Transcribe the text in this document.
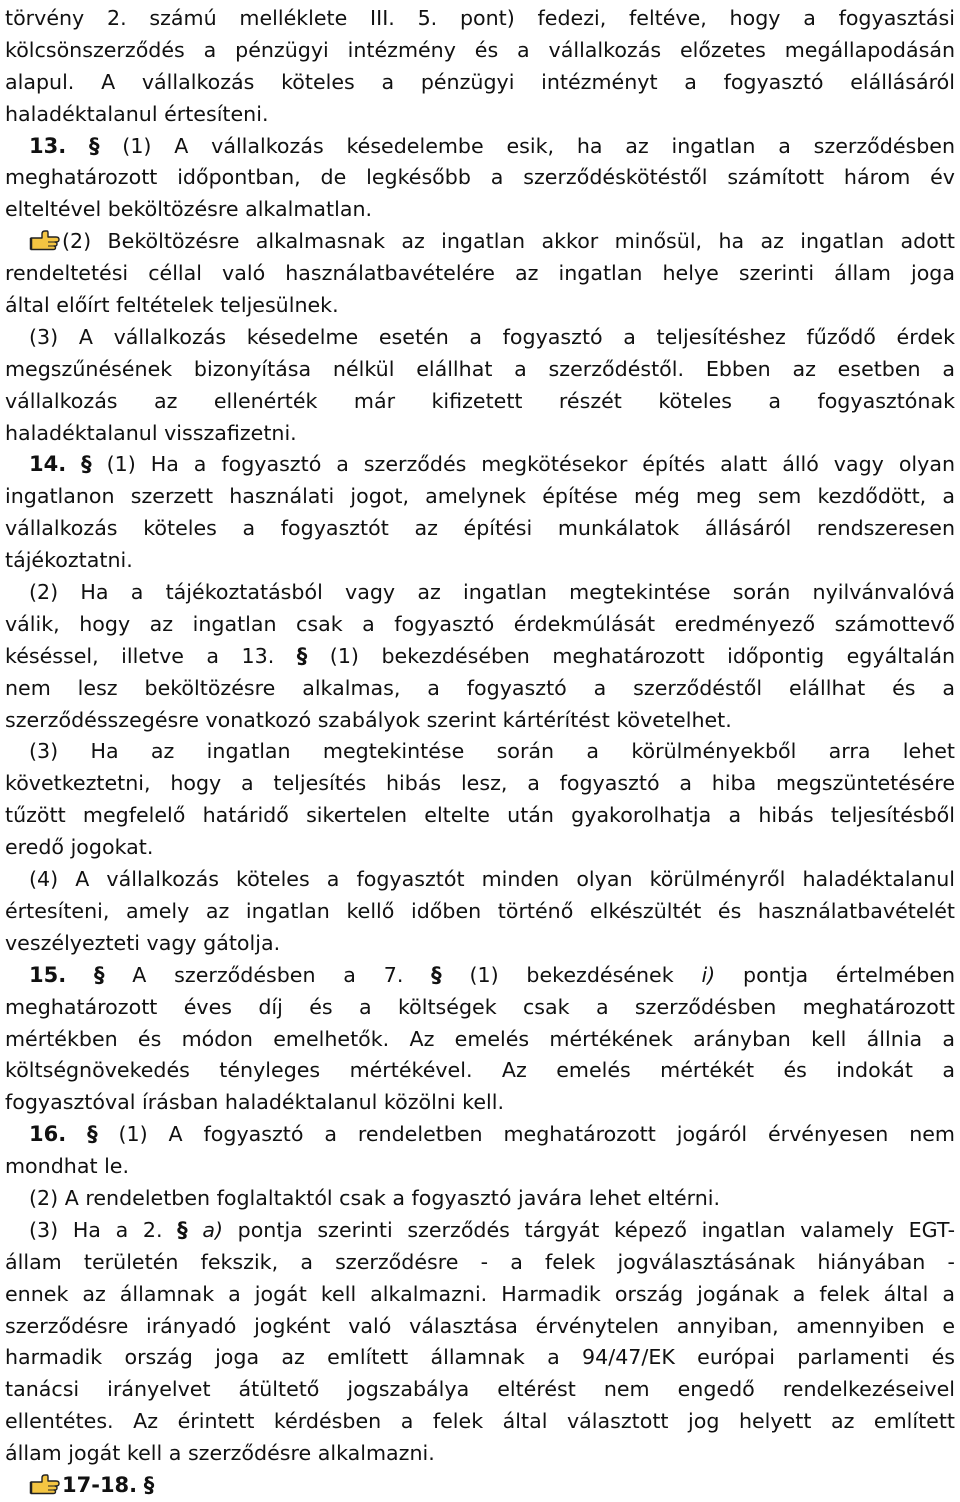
törvény 2. számú melléklete III. 5. pont) fedezi, feltéve, hogy a fogyasztási
kölcsönszerződés a pénzügyi intézmény és a vállalkozás előzetes megállapodásán
alapul. A vállalkozás köteles a pénzügyi intézményt a fogyasztó elállásáról
haladéktalanul értesíteni.
13. § (1) A vállalkozás késedelembe esik, ha az ingatlan a szerződésben
meghatározott időpontban, de legkésőbb a szerződéskötéstől számított három év
elteltével beköltözésre alkalmatlan.
(2) Beköltözésre alkalmasnak az ingatlan akkor minősül, ha az ingatlan adott
rendeltetési céllal való használatbavételére az ingatlan helye szerinti állam joga
által előírt feltételek teljesülnek.
(3) A vállalkozás késedelme esetén a fogyasztó a teljesítéshez fűződő érdek
megszűnésének bizonyítása nélkül elállhat a szerződéstől. Ebben az esetben a
vállalkozás az ellenérték már kifizetett részét köteles a fogyasztónak
haladéktalanul visszafizetni.
14. § (1) Ha a fogyasztó a szerződés megkötésekor építés alatt álló vagy olyan
ingatlanon szerzett használati jogot, amelynek építése még meg sem kezdődött, a
vállalkozás köteles a fogyasztót az építési munkálatok állásáról rendszeresen
tájékoztatni.
(2) Ha a tájékoztatásból vagy az ingatlan megtekintése során nyilvánvalóvá
válik, hogy az ingatlan csak a fogyasztó érdekmúlását eredményező számottevő
késéssel, illetve a 13. § (1) bekezdésében meghatározott időpontig egyáltalán
nem lesz beköltözésre alkalmas, a fogyasztó a szerződéstől elállhat és a
szerződésszegésre vonatkozó szabályok szerint kártérítést követelhet.
(3) Ha az ingatlan megtekintése során a körülményekből arra lehet
következtetni, hogy a teljesítés hibás lesz, a fogyasztó a hiba megszüntetésére
tűzött megfelelő határidő sikertelen eltelte után gyakorolhatja a hibás teljesítésből
eredő jogokat.
(4) A vállalkozás köteles a fogyasztót minden olyan körülményről haladéktalanul
értesíteni, amely az ingatlan kellő időben történő elkészültét és használatbavételét
veszélyezteti vagy gátolja.
15. § A szerződésben a 7. § (1) bekezdésének i) pontja értelmében
meghatározott éves díj és a költségek csak a szerződésben meghatározott
mértékben és módon emelhetők. Az emelés mértékének arányban kell állnia a
költségnövekedés tényleges mértékével. Az emelés mértékét és indokát a
fogyasztóval írásban haladéktalanul közölni kell.
16. § (1) A fogyasztó a rendeletben meghatározott jogáról érvényesen nem
mondhat le.
(2) A rendeletben foglaltaktól csak a fogyasztó javára lehet eltérni.
(3) Ha a 2. § a) pontja szerinti szerződés tárgyát képező ingatlan valamely EGT-
állam területén fekszik, a szerződésre - a felek jogválasztásának hiányában -
ennek az államnak a jogát kell alkalmazni. Harmadik ország jogának a felek által a
szerződésre irányadó jogként való választása érvénytelen annyiban, amennyiben e
harmadik ország joga az említett államnak a 94/47/EK európai parlamenti és
tanácsi irányelvet átültető jogszabálya eltérést nem engedő rendelkezéseivel
ellentétes. Az érintett kérdésben a felek által választott jog helyett az említett
állam jogát kell a szerződésre alkalmazni.
17-18. §
